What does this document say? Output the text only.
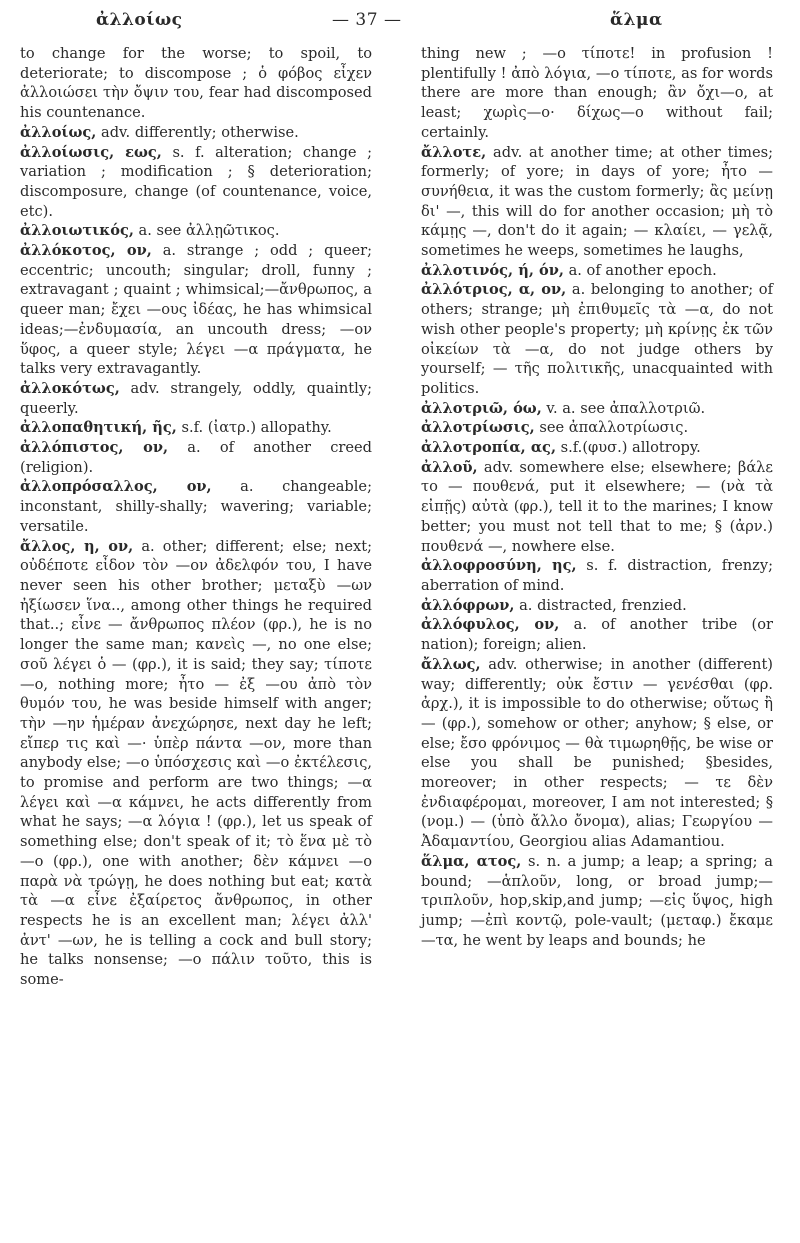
ἀλλοίως	— 37 —	ἅλμα

to change for the worse; to spoil, to deteriorate; to discompose ; ὁ φόβος εἶχεν ἀλλοιώσει τὴν ὄψιν του, fear had discomposed his countenance.

ἀλλοίως, adv. differently; otherwise.

ἀλλοίωσις, εως, s. f. alteration; change ; variation ; modification ; § deterioration; discomposure, change (of countenance, voice, etc).

ἀλλοιωτικός, a. see ἀλλῃῶτικος.

ἀλλόκοτος, ον, a. strange ; odd ; queer; eccentric; uncouth; singular; droll, funny ; extravagant ; quaint ; whimsical;—ἄνθρωπος, a queer man; ἔχει —ους ἰδέας, he has whimsical ideas;—ἐνδυμασία, an uncouth dress; —ον ὕφος, a queer style; λέγει —α πράγματα, he talks very extravagantly.

ἀλλοκότως, adv. strangely, oddly, quaintly; queerly.

ἀλλοπαθητική, ῆς, s.f. (ἰατρ.) allopathy.

ἀλλόπιστος, ον, a. of another creed (religion).

ἀλλοπρόσαλλος, ον, a. changeable; inconstant, shilly-shally; wavering; variable; versatile.

ἄλλος, η, ον, a. other; different; else; next; οὐδέποτε εἶδον τὸν —ον ἀδελφόν του, I have never seen his other brother; μεταξὺ —ων ἠξίωσεν ἵνα.., among other things he required that..; εἶνε — ἄνθρωπος πλέον (φρ.), he is no longer the same man; κανεὶς —, no one else; σοῦ λέγει ὁ — (φρ.), it is said; they say; τίποτε—ο, nothing more; ἦτο — ἐξ —ου ἀπὸ τὸν θυμόν του, he was beside himself with anger; τὴν —ην ἡμέραν ἀνεχώρησε, next day he left; εἴπερ τις καὶ —· ὑπὲρ πάντα —ον, more than anybody else; —ο ὑπόσχεσις καὶ —ο ἐκτέλεσις, to promise and perform are two things; —α λέγει καὶ —α κάμνει, he acts differently from what he says; —α λόγια ! (φρ.), let us speak of something else; don't speak of it; τὸ ἕνα μὲ τὸ—ο (φρ.), one with another; δὲν κάμνει —ο παρὰ νὰ τρώγῃ, he does nothing but eat; κατὰ τὰ —α εἶνε ἐξαίρετος ἄνθρωπος, in other respects he is an excellent man; λέγει ἀλλ' ἀντ' —ων, he is telling a cock and bull story; he talks nonsense; —ο πάλιν τοῦτο, this is some-

thing new ; —ο τίποτε! in profusion ! plentifully ! ἀπὸ λόγια, —ο τίποτε, as for words there are more than enough; ἂν ὄχι—ο, at least; χωρὶς—ο· δίχως—ο without fail; certainly.

ἄλλοτε, adv. at another time; at other times; formerly; of yore; in days of yore; ἦτο — συνήθεια, it was the custom formerly; ἂς μείνῃ δι' —, this will do for another occasion; μὴ τὸ κάμῃς —, don't do it again; — κλαίει, — γελᾷ, sometimes he weeps, sometimes he laughs,

ἀλλοτινός, ή, όν, a. of another epoch.

ἀλλότριος, α, ον, a. belonging to another; of others; strange; μὴ ἐπιθυμεῖς τὰ —α, do not wish other people's property; μὴ κρίνῃς ἐκ τῶν οἰκείων τὰ —α, do not judge others by yourself; — τῆς πολιτικῆς, unacquainted with politics.

ἀλλοτριῶ, όω, v. a. see ἀπαλλοτριῶ.

ἀλλοτρίωσις, see ἀπαλλοτρίωσις.

ἀλλοτροπία, ας, s.f.(φυσ.) allotropy.

ἀλλοῦ, adv. somewhere else; elsewhere; βάλε το — πουθενά, put it elsewhere; — (νὰ τὰ εἰπῇς) αὐτὰ (φρ.), tell it to the marines; I know better; you must not tell that to me; § (ἀρν.) πουθενά —, nowhere else.

ἀλλοφροσύνη, ης, s. f. distraction, frenzy; aberration of mind.

ἀλλόφρων, a. distracted, frenzied.

ἀλλόφυλος, ον, a. of another tribe (or nation); foreign; alien.

ἄλλως, adv. otherwise; in another (different) way; differently; οὐκ ἔστιν — γενέσθαι (φρ. ἀρχ.), it is impossible to do otherwise; οὕτως ἢ — (φρ.), somehow or other; anyhow; § else, or else; ἔσο φρόνιμος — θὰ τιμωρηθῇς, be wise or else you shall be punished; §besides, moreover; in other respects; — τε δὲν ἐνδιαφέρομαι, moreover, I am not interested; § (νομ.) — (ὑπὸ ἄλλο ὄνομα), alias; Γεωργίου — Ἀδαμαντίου, Georgiou alias Adamantiou.

ἅλμα, ατος, s. n. a jump; a leap; a spring; a bound; —ἁπλοῦν, long, or broad jump;—τριπλοῦν, hop,skip,and jump; —εἰς ὕψος, high jump; —ἐπὶ κοντῷ, pole-vault; (μεταφ.) ἔκαμε—τα, he went by leaps and bounds; he
